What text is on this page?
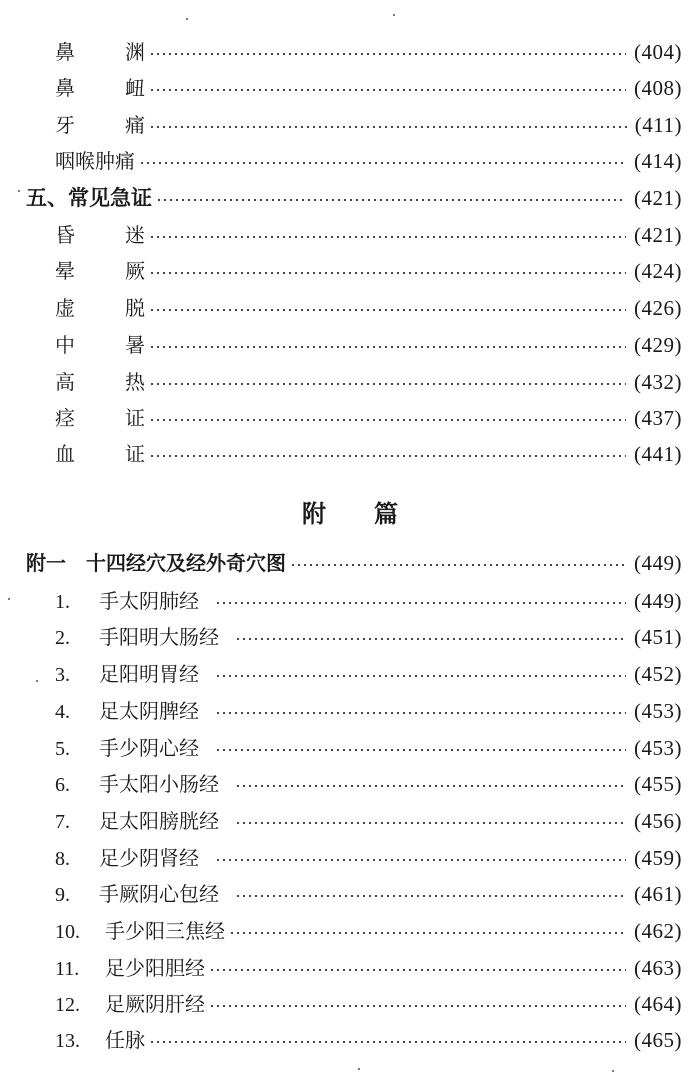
鼻	渊	(404)
鼻	衄	(408)
牙	痛	(411)
咽喉肿痛	(414)
五、常见急证	(421)
昏	迷	(421)
晕	厥	(424)
虚	脱	(426)
中	暑	(429)
高	热	(432)
痉	证	(437)
血	证	(441)
附 篇
附一　十四经穴及经外奇穴图	(449)
1. 手太阴肺经	(449)
2. 手阳明大肠经	(451)
3. 足阳明胃经	(452)
4. 足太阴脾经	(453)
5. 手少阴心经	(453)
6. 手太阳小肠经	(455)
7. 足太阳膀胱经	(456)
8. 足少阴肾经	(459)
9. 手厥阴心包经	(461)
10. 手少阳三焦经	(462)
11. 足少阳胆经	(463)
12. 足厥阴肝经	(464)
13. 任脉	(465)
